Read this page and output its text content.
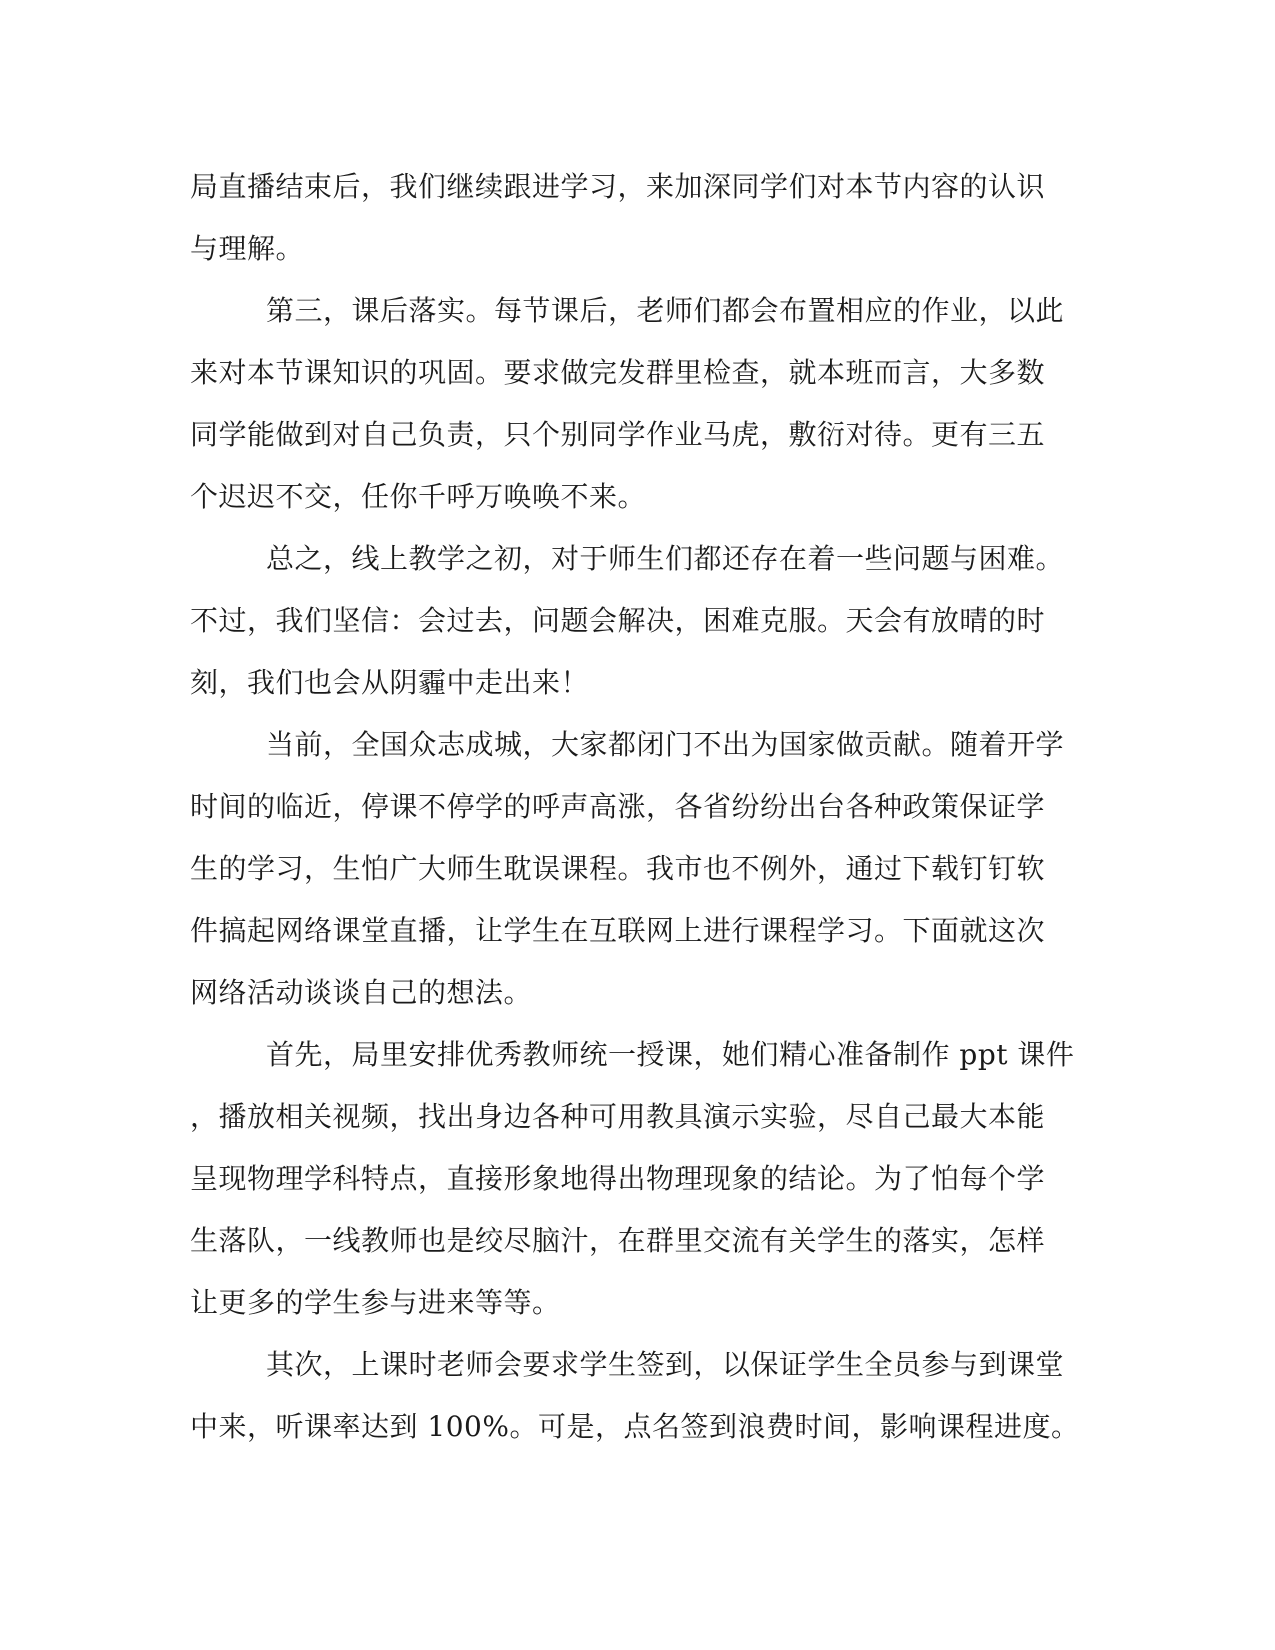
局直播结束后，我们继续跟进学习，来加深同学们对本节内容的认识
与理解。
第三，课后落实。每节课后，老师们都会布置相应的作业，以此
来对本节课知识的巩固。要求做完发群里检查，就本班而言，大多数
同学能做到对自己负责，只个别同学作业马虎，敷衍对待。更有三五
个迟迟不交，任你千呼万唤唤不来。
总之，线上教学之初，对于师生们都还存在着一些问题与困难。
不过，我们坚信：会过去，问题会解决，困难克服。天会有放晴的时
刻，我们也会从阴霾中走出来！
当前，全国众志成城，大家都闭门不出为国家做贡献。随着开学
时间的临近，停课不停学的呼声高涨，各省纷纷出台各种政策保证学
生的学习，生怕广大师生耽误课程。我市也不例外，通过下载钉钉软
件搞起网络课堂直播，让学生在互联网上进行课程学习。下面就这次
网络活动谈谈自己的想法。
首先，局里安排优秀教师统一授课，她们精心准备制作 ppt 课件
，播放相关视频，找出身边各种可用教具演示实验，尽自己最大本能
呈现物理学科特点，直接形象地得出物理现象的结论。为了怕每个学
生落队，一线教师也是绞尽脑汁，在群里交流有关学生的落实，怎样
让更多的学生参与进来等等。
其次，上课时老师会要求学生签到，以保证学生全员参与到课堂
中来，听课率达到 100%。可是，点名签到浪费时间，影响课程进度。
